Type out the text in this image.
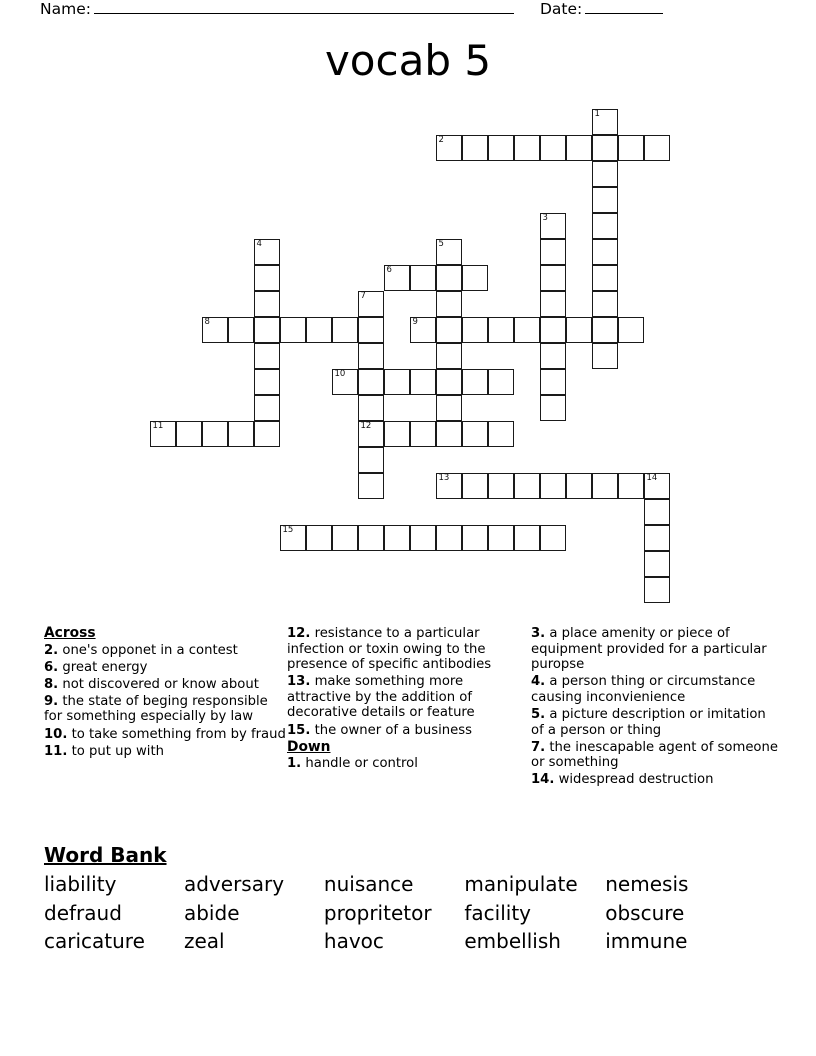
Name:	Date:
vocab 5
1
2
3
4	5
6
7
12
8	9
10
11
13	14
15
Across
2. one's opponet in a contest
6. great energy
8. not discovered or know about
9. the state of beging responsible for something especially by law
10. to take something from by fraud
11. to put up with
12. resistance to a particular infection or toxin owing to the presence of specific antibodies
13. make something more attractive by the addition of decorative details or feature
15. the owner of a business
Down
1. handle or control
3. a place amenity or piece of equipment provided for a particular puropse
4. a person thing or circumstance causing inconvienience
5. a picture description or imitation of a person or thing
7. the inescapable agent of someone or something
14. widespread destruction
Word Bank
liability	adversary	nuisance	manipulate	nemesis
defraud	abide	propritetor	facility	obscure
caricature	zeal	havoc	embellish	immune
